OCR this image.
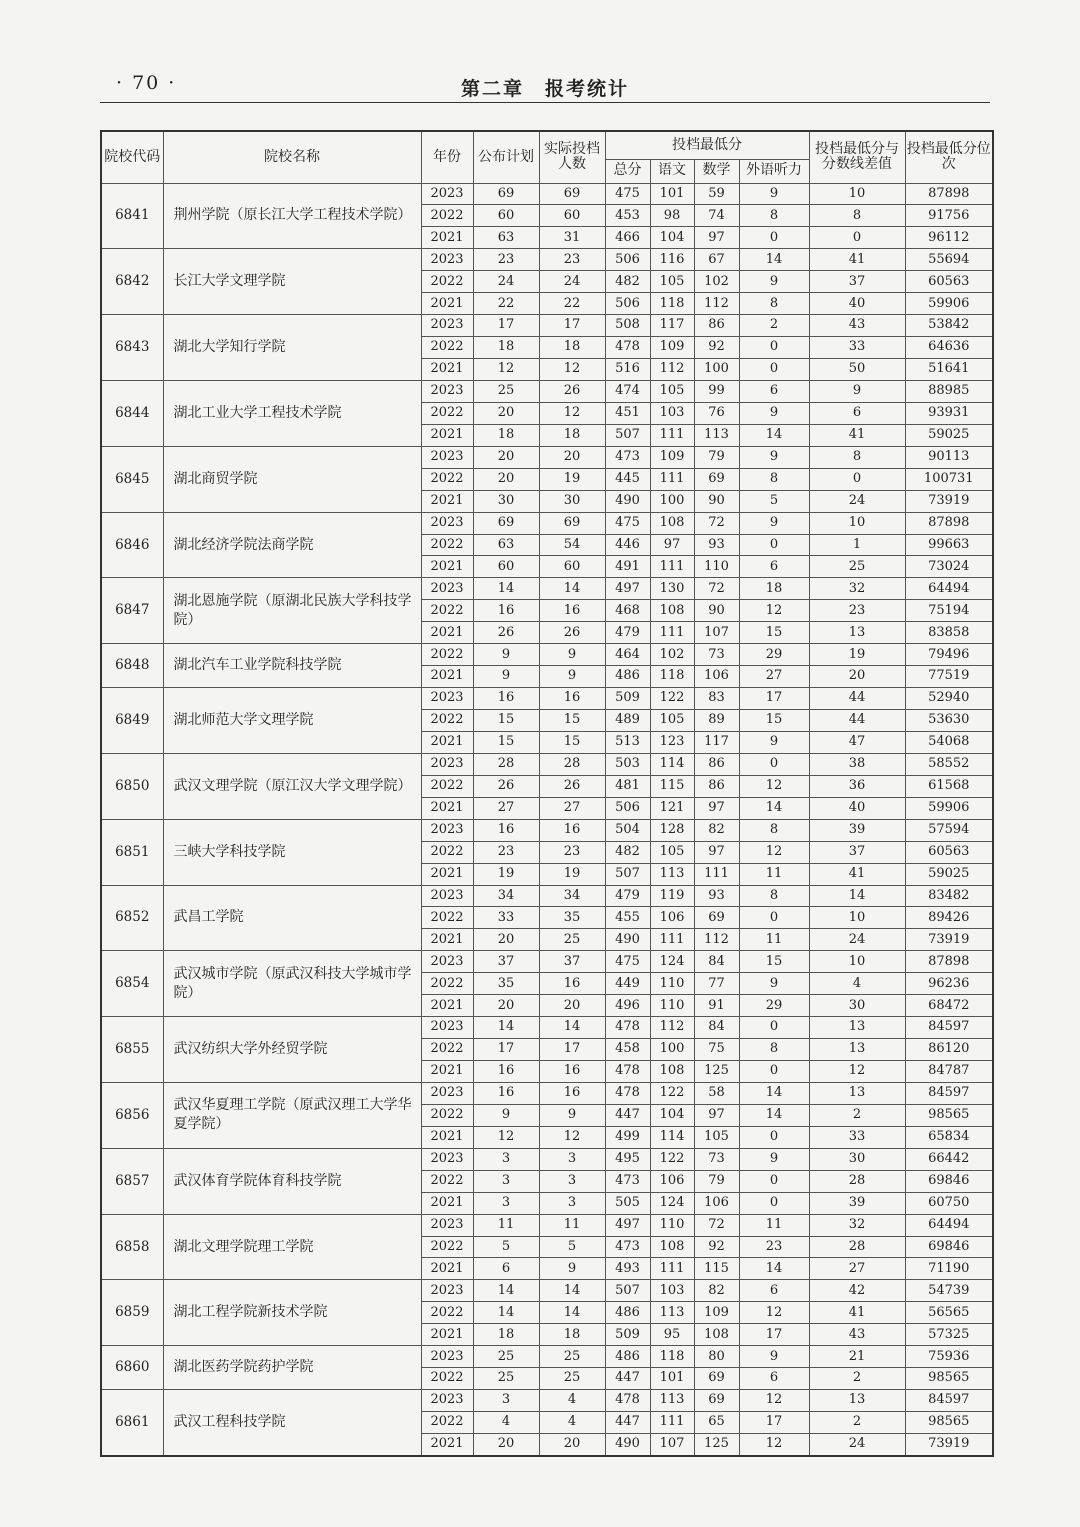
· 70 ·	第二章　报考统计
院校代码	院校名称	年份	公布计划	实际投档人数	投档最低分				投档最低分与分数线差值	投档最低分位次
					总分	语文	数学	外语听力		
6841	荆州学院（原长江大学工程技术学院）	2023	69	69	475	101	59	9	10	87898
		2022	60	60	453	98	74	8	8	91756
		2021	63	31	466	104	97	0	0	96112
6842	长江大学文理学院	2023	23	23	506	116	67	14	41	55694
		2022	24	24	482	105	102	9	37	60563
		2021	22	22	506	118	112	8	40	59906
6843	湖北大学知行学院	2023	17	17	508	117	86	2	43	53842
		2022	18	18	478	109	92	0	33	64636
		2021	12	12	516	112	100	0	50	51641
6844	湖北工业大学工程技术学院	2023	25	26	474	105	99	6	9	88985
		2022	20	12	451	103	76	9	6	93931
		2021	18	18	507	111	113	14	41	59025
6845	湖北商贸学院	2023	20	20	473	109	79	9	8	90113
		2022	20	19	445	111	69	8	0	100731
		2021	30	30	490	100	90	5	24	73919
6846	湖北经济学院法商学院	2023	69	69	475	108	72	9	10	87898
		2022	63	54	446	97	93	0	1	99663
		2021	60	60	491	111	110	6	25	73024
6847	湖北恩施学院（原湖北民族大学科技学院）	2023	14	14	497	130	72	18	32	64494
		2022	16	16	468	108	90	12	23	75194
		2021	26	26	479	111	107	15	13	83858
6848	湖北汽车工业学院科技学院	2022	9	9	464	102	73	29	19	79496
		2021	9	9	486	118	106	27	20	77519
6849	湖北师范大学文理学院	2023	16	16	509	122	83	17	44	52940
		2022	15	15	489	105	89	15	44	53630
		2021	15	15	513	123	117	9	47	54068
6850	武汉文理学院（原江汉大学文理学院）	2023	28	28	503	114	86	0	38	58552
		2022	26	26	481	115	86	12	36	61568
		2021	27	27	506	121	97	14	40	59906
6851	三峡大学科技学院	2023	16	16	504	128	82	8	39	57594
		2022	23	23	482	105	97	12	37	60563
		2021	19	19	507	113	111	11	41	59025
6852	武昌工学院	2023	34	34	479	119	93	8	14	83482
		2022	33	35	455	106	69	0	10	89426
		2021	20	25	490	111	112	11	24	73919
6854	武汉城市学院（原武汉科技大学城市学院）	2023	37	37	475	124	84	15	10	87898
		2022	35	16	449	110	77	9	4	96236
		2021	20	20	496	110	91	29	30	68472
6855	武汉纺织大学外经贸学院	2023	14	14	478	112	84	0	13	84597
		2022	17	17	458	100	75	8	13	86120
		2021	16	16	478	108	125	0	12	84787
6856	武汉华夏理工学院（原武汉理工大学华夏学院）	2023	16	16	478	122	58	14	13	84597
		2022	9	9	447	104	97	14	2	98565
		2021	12	12	499	114	105	0	33	65834
6857	武汉体育学院体育科技学院	2023	3	3	495	122	73	9	30	66442
		2022	3	3	473	106	79	0	28	69846
		2021	3	3	505	124	106	0	39	60750
6858	湖北文理学院理工学院	2023	11	11	497	110	72	11	32	64494
		2022	5	5	473	108	92	23	28	69846
		2021	6	9	493	111	115	14	27	71190
6859	湖北工程学院新技术学院	2023	14	14	507	103	82	6	42	54739
		2022	14	14	486	113	109	12	41	56565
		2021	18	18	509	95	108	17	43	57325
6860	湖北医药学院药护学院	2023	25	25	486	118	80	9	21	75936
		2022	25	25	447	101	69	6	2	98565
6861	武汉工程科技学院	2023	3	4	478	113	69	12	13	84597
		2022	4	4	447	111	65	17	2	98565
		2021	20	20	490	107	125	12	24	73919
